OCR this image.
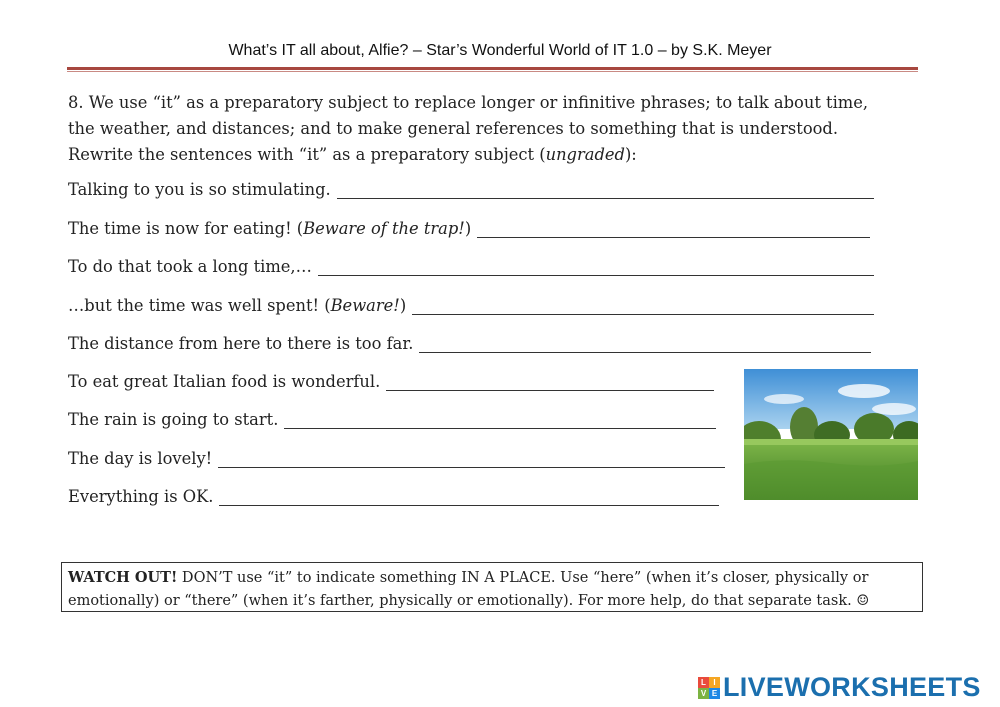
What’s IT all about, Alfie? – Star’s Wonderful World of IT 1.0 – by S.K. Meyer
8. We use “it” as a preparatory subject to replace longer or infinitive phrases; to talk about time,
the weather, and distances; and to make general references to something that is understood.
Rewrite the sentences with “it” as a preparatory subject (ungraded):
Talking to you is so stimulating.
The time is now for eating! ( Beware of the trap! )
To do that took a long time,…
…but the time was well spent! ( Beware! )
The distance from here to there is too far.
To eat great Italian food is wonderful.
The rain is going to start.
The day is lovely!
Everything is OK.
WATCH OUT! DON’T use “it” to indicate something IN A PLACE. Use “here” (when it’s closer, physically or
emotionally) or “there” (when it’s farther, physically or emotionally). For more help, do that separate task. ☺
L I
V E LIVEWORKSHEETS
